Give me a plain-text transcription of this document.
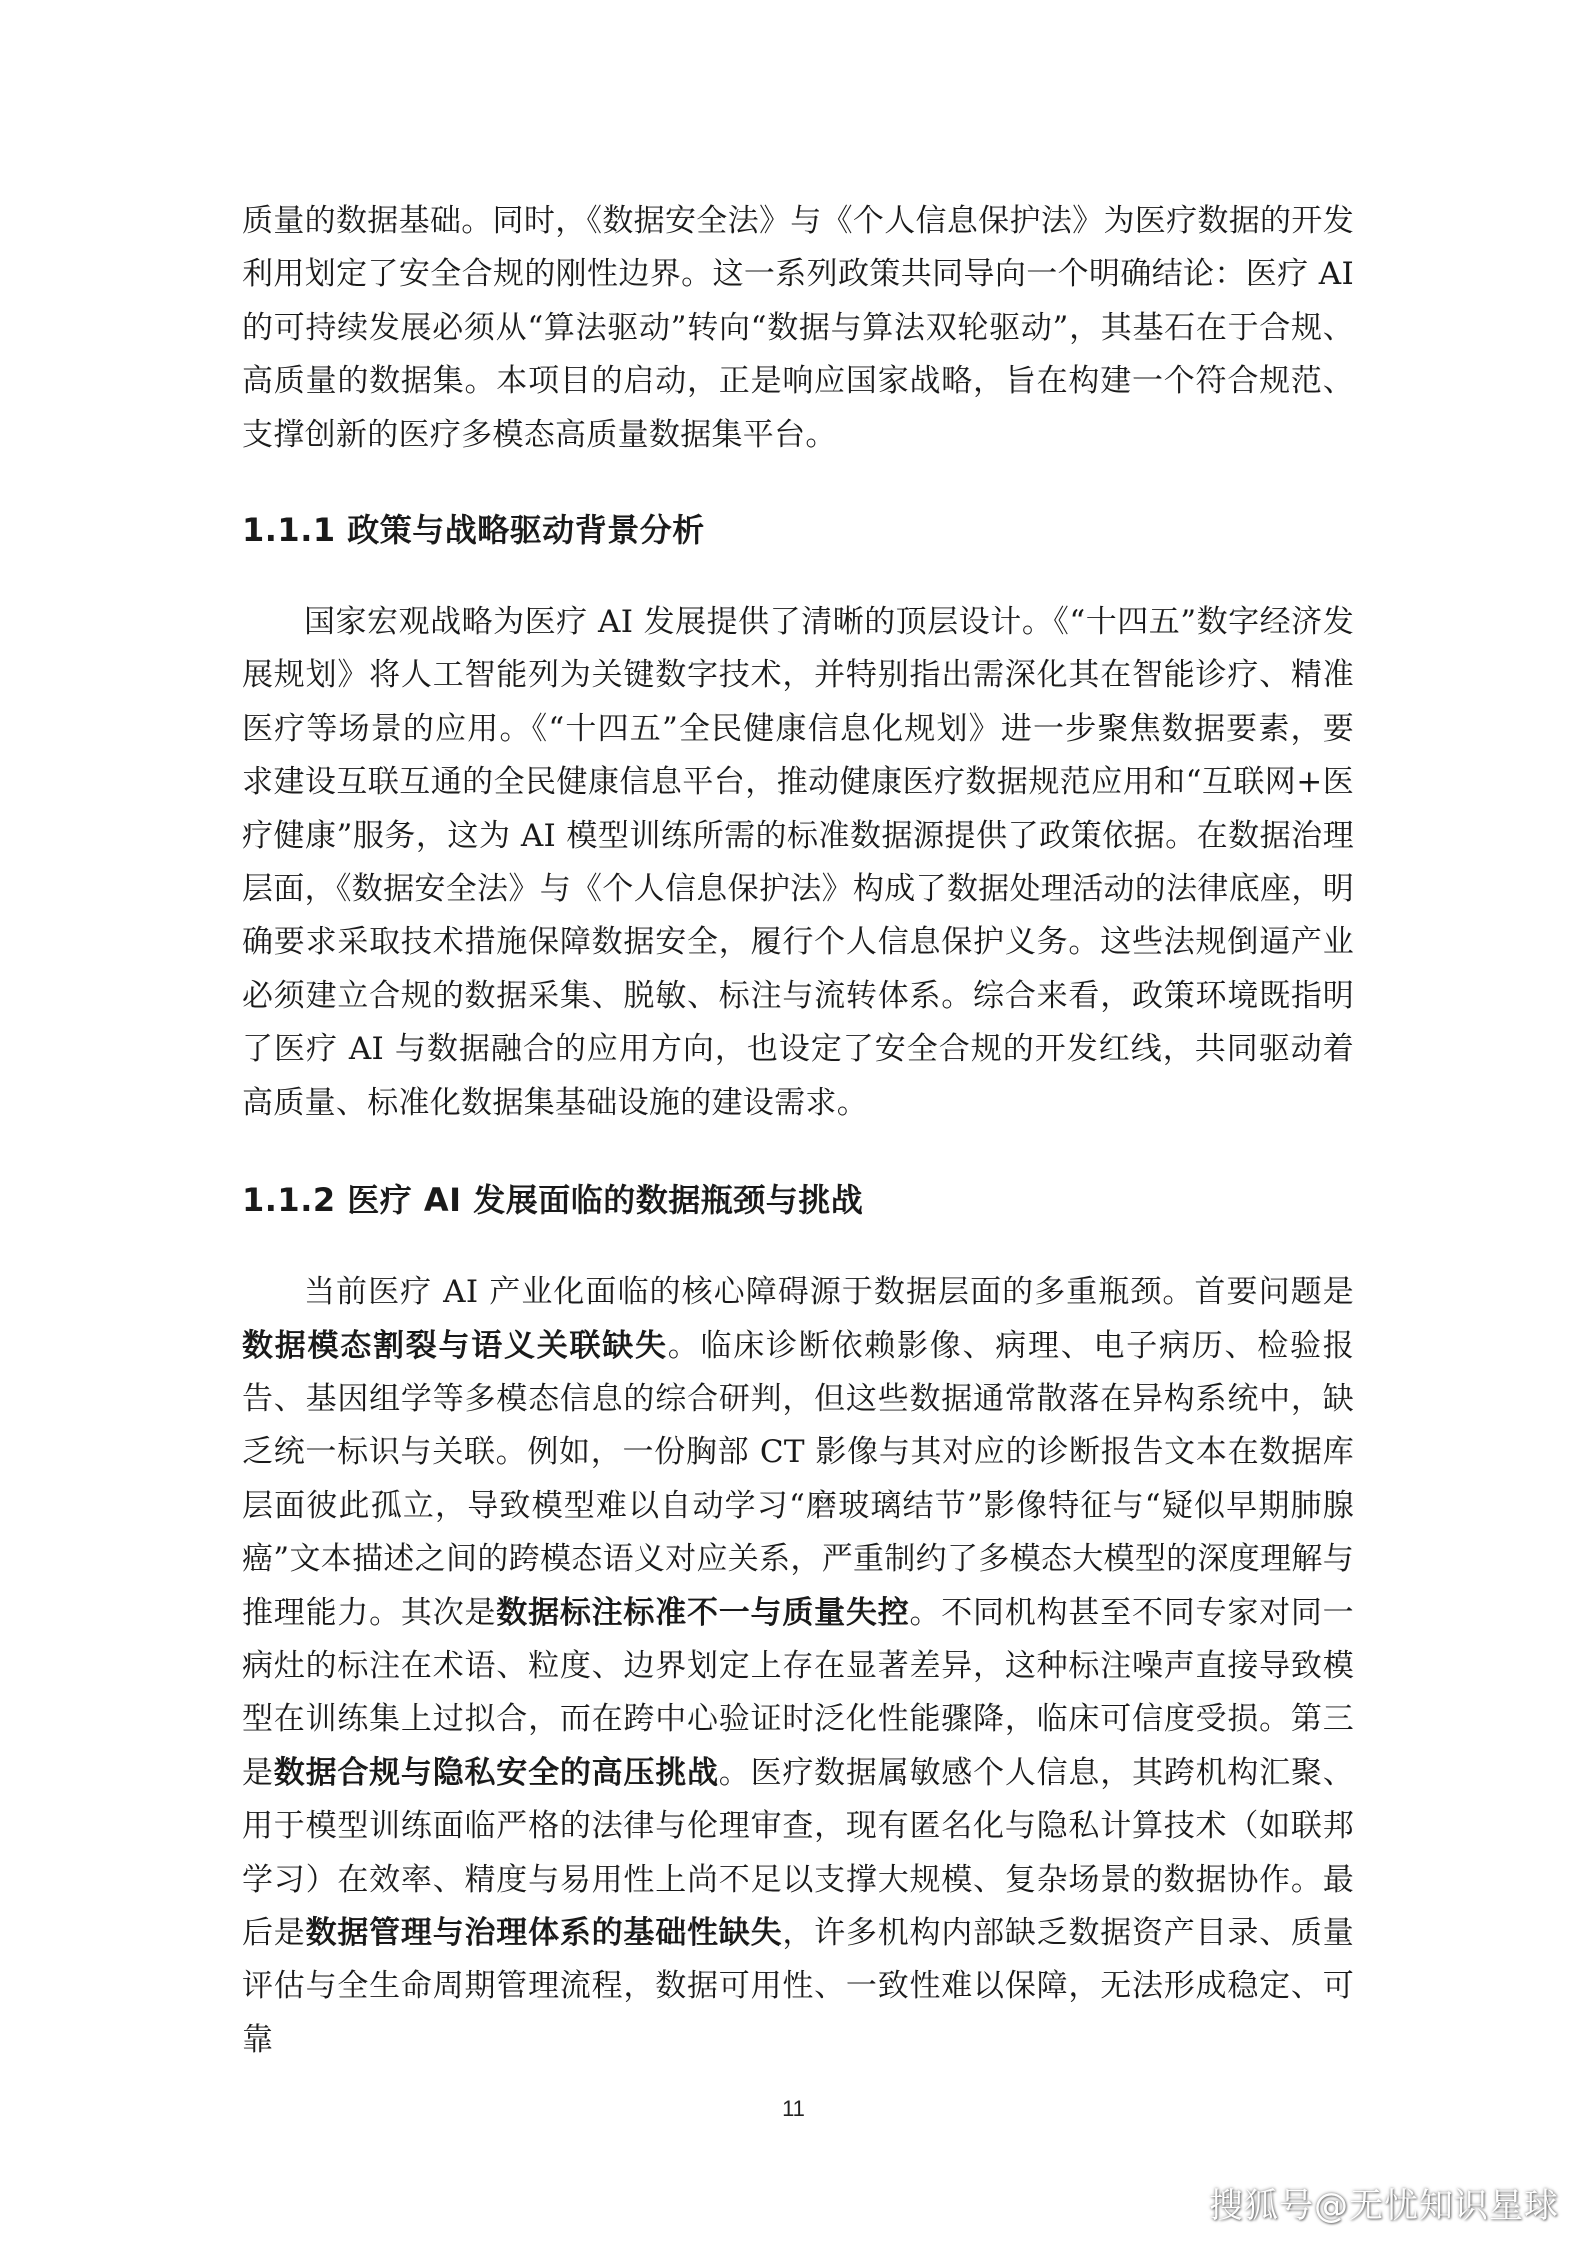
质量的数据基础。同时，《数据安全法》与《个人信息保护法》为医疗数据的开发利用划定了安全合规的刚性边界。这一系列政策共同导向一个明确结论：医疗 AI 的可持续发展必须从“算法驱动”转向“数据与算法双轮驱动”，其基石在于合规、高质量的数据集。本项目的启动，正是响应国家战略，旨在构建一个符合规范、支撑创新的医疗多模态高质量数据集平台。

1.1.1 政策与战略驱动背景分析

国家宏观战略为医疗 AI 发展提供了清晰的顶层设计。《“十四五”数字经济发展规划》将人工智能列为关键数字技术，并特别指出需深化其在智能诊疗、精准医疗等场景的应用。《“十四五”全民健康信息化规划》进一步聚焦数据要素，要求建设互联互通的全民健康信息平台，推动健康医疗数据规范应用和“互联网+医疗健康”服务，这为 AI 模型训练所需的标准数据源提供了政策依据。在数据治理层面，《数据安全法》与《个人信息保护法》构成了数据处理活动的法律底座，明确要求采取技术措施保障数据安全，履行个人信息保护义务。这些法规倒逼产业必须建立合规的数据采集、脱敏、标注与流转体系。综合来看，政策环境既指明了医疗 AI 与数据融合的应用方向，也设定了安全合规的开发红线，共同驱动着高质量、标准化数据集基础设施的建设需求。

1.1.2 医疗 AI 发展面临的数据瓶颈与挑战

当前医疗 AI 产业化面临的核心障碍源于数据层面的多重瓶颈。首要问题是数据模态割裂与语义关联缺失。临床诊断依赖影像、病理、电子病历、检验报告、基因组学等多模态信息的综合研判，但这些数据通常散落在异构系统中，缺乏统一标识与关联。例如，一份胸部 CT 影像与其对应的诊断报告文本在数据库层面彼此孤立，导致模型难以自动学习“磨玻璃结节”影像特征与“疑似早期肺腺癌”文本描述之间的跨模态语义对应关系，严重制约了多模态大模型的深度理解与推理能力。其次是数据标注标准不一与质量失控。不同机构甚至不同专家对同一病灶的标注在术语、粒度、边界划定上存在显著差异，这种标注噪声直接导致模型在训练集上过拟合，而在跨中心验证时泛化性能骤降，临床可信度受损。第三是数据合规与隐私安全的高压挑战。医疗数据属敏感个人信息，其跨机构汇聚、用于模型训练面临严格的法律与伦理审查，现有匿名化与隐私计算技术（如联邦学习）在效率、精度与易用性上尚不足以支撑大规模、复杂场景的数据协作。最后是数据管理与治理体系的基础性缺失，许多机构内部缺乏数据资产目录、质量评估与全生命周期管理流程，数据可用性、一致性难以保障，无法形成稳定、可靠

11
搜狐号@无忧知识星球
